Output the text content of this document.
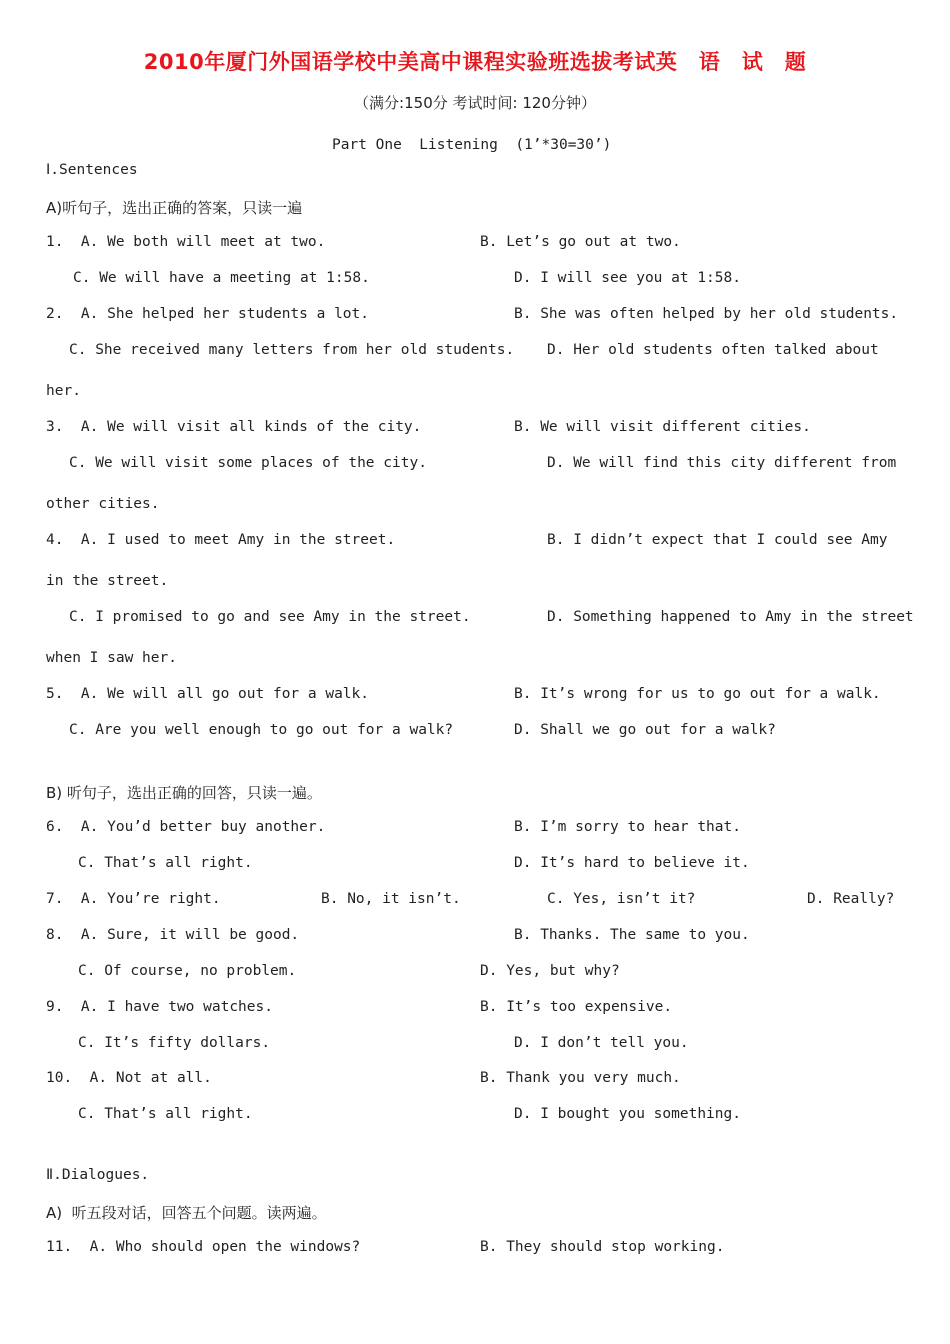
2010年厦门外国语学校中美高中课程实验班选拔考试英　语　试　题
（满分:150分 考试时间: 120分钟）
Part One  Listening  (1’*30=30’)
Ⅰ.Sentences
A)听句子，选出正确的答案，只读一遍
1.  A. We both will meet at two.	B. Let’s go out at two.
C. We will have a meeting at 1:58.	D. I will see you at 1:58.
2.  A. She helped her students a lot.	B. She was often helped by her old students.
C. She received many letters from her old students. D. Her old students often talked about
her.
3.  A. We will visit all kinds of the city.	B. We will visit different cities.
C. We will visit some places of the city.	D. We will find this city different from
other cities.
4.  A. I used to meet Amy in the street.	B. I didn’t expect that I could see Amy
in the street.
C. I promised to go and see Amy in the street.	D. Something happened to Amy in the street
when I saw her.
5.  A. We will all go out for a walk.	B. It’s wrong for us to go out for a walk.
C. Are you well enough to go out for a walk?	D. Shall we go out for a walk?
B) 听句子，选出正确的回答，只读一遍。
6.  A. You’d better buy another.	B. I’m sorry to hear that.
C. That’s all right.	D. It’s hard to believe it.
7.  A. You’re right.	B. No, it isn’t.	C. Yes, isn’t it?	D. Really?
8.  A. Sure, it will be good.	B. Thanks. The same to you.
C. Of course, no problem.	D. Yes, but why?
9.  A. I have two watches.	B. It’s too expensive.
C. It’s fifty dollars.	D. I don’t tell you.
10.  A. Not at all.	B. Thank you very much.
C. That’s all right.	D. I bought you something.
Ⅱ.Dialogues.
A)  听五段对话，回答五个问题。读两遍。
11.  A. Who should open the windows?	B. They should stop working.
